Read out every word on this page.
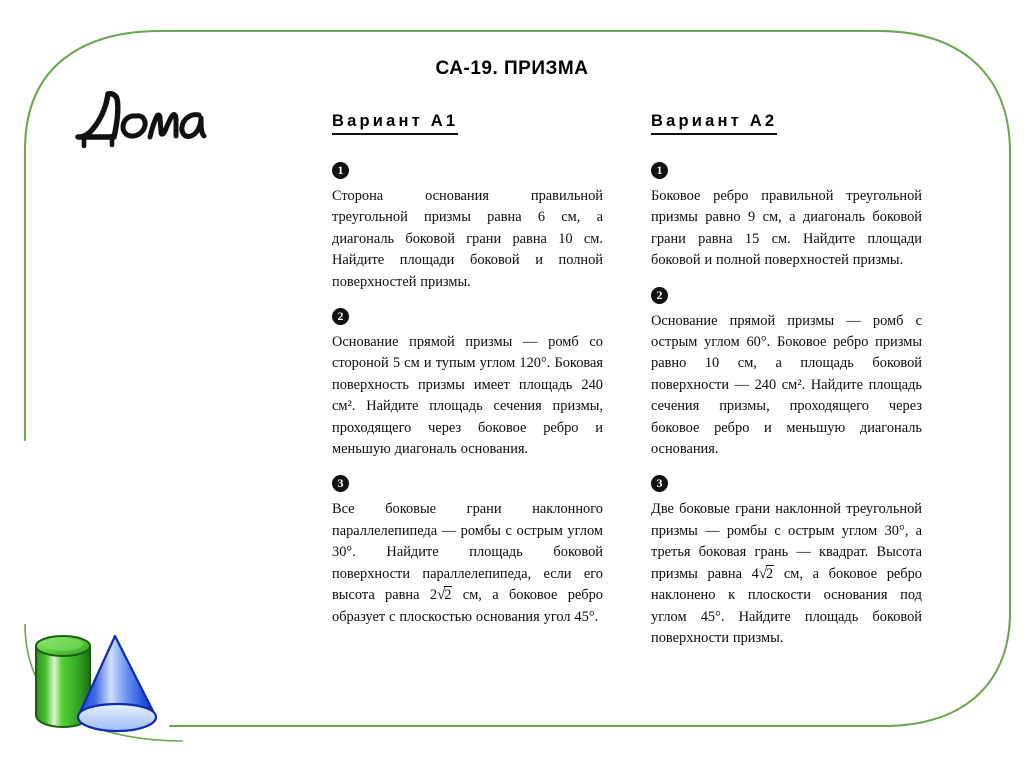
СА-19. ПРИЗМА
Вариант А1
1
Сторона основания правильной треугольной призмы равна 6 см, а диагональ боковой грани равна 10 см. Найдите площади боковой и полной поверхностей призмы.
2
Основание прямой призмы — ромб со стороной 5 см и тупым углом 120°. Боковая поверхность призмы имеет площадь 240 см². Найдите площадь сечения призмы, проходящего через боковое ребро и меньшую диагональ основания.
3
Все боковые грани наклонного параллелепипеда — ромбы с острым углом 30°. Найдите площадь боковой поверхности параллелепипеда, если его высота равна 2√2 см, а боковое ребро образует с плоскостью основания угол 45°.
Вариант А2
1
Боковое ребро правильной треугольной призмы равно 9 см, а диагональ боковой грани равна 15 см. Найдите площади боковой и полной поверхностей призмы.
2
Основание прямой призмы — ромб с острым углом 60°. Боковое ребро призмы равно 10 см, а площадь боковой поверхности — 240 см². Найдите площадь сечения призмы, проходящего через боковое ребро и меньшую диагональ основания.
3
Две боковые грани наклонной треугольной призмы — ромбы с острым углом 30°, а третья боковая грань — квадрат. Высота призмы равна 4√2 см, а боковое ребро наклонено к плоскости основания под углом 45°. Найдите площадь боковой поверхности призмы.
